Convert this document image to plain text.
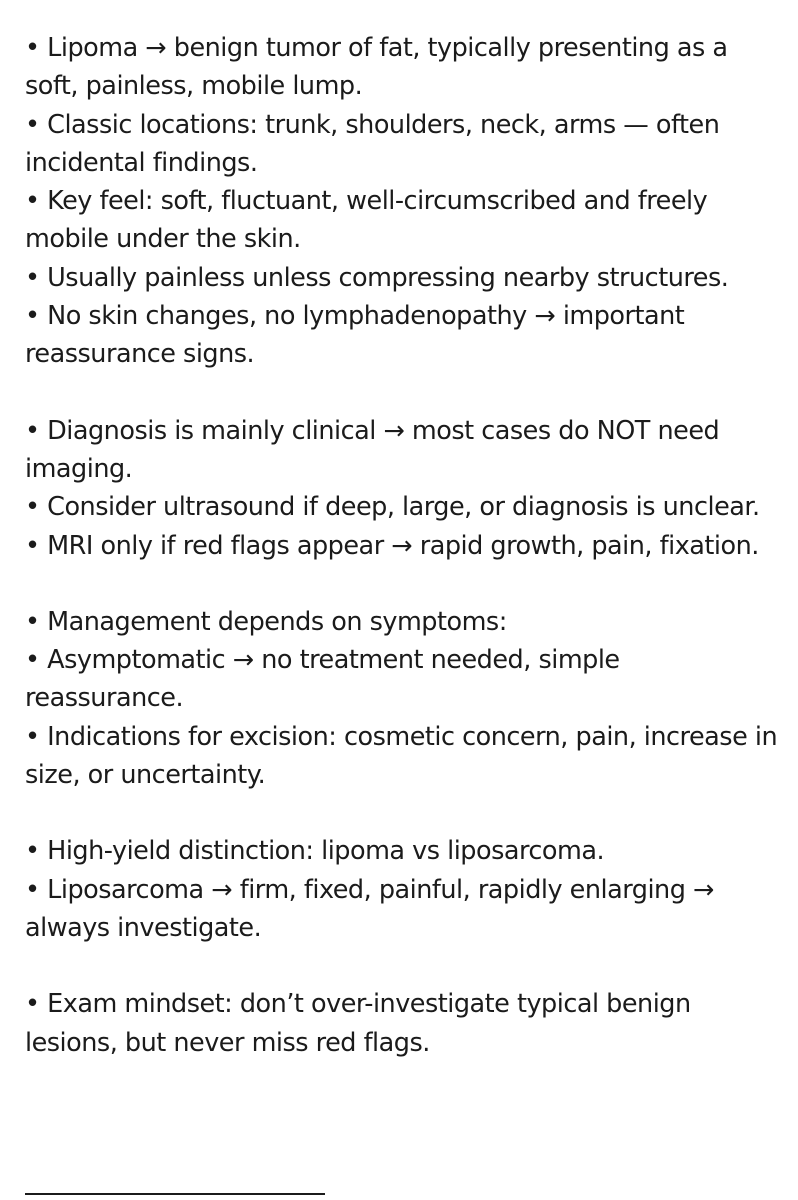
• Lipoma → benign tumor of fat, typically presenting as a soft, painless, mobile lump.

• Classic locations: trunk, shoulders, neck, arms — often incidental findings.

• Key feel: soft, fluctuant, well-circumscribed and freely mobile under the skin.

• Usually painless unless compressing nearby structures.

• No skin changes, no lymphadenopathy → important reassurance signs.

• Diagnosis is mainly clinical → most cases do NOT need imaging.

• Consider ultrasound if deep, large, or diagnosis is unclear.

• MRI only if red flags appear → rapid growth, pain, fixation.

• Management depends on symptoms:

• Asymptomatic → no treatment needed, simple reassurance.

• Indications for excision: cosmetic concern, pain, increase in size, or uncertainty.

• High-yield distinction: lipoma vs liposarcoma.

• Liposarcoma → firm, fixed, painful, rapidly enlarging → always investigate.

• Exam mindset: don’t over-investigate typical benign lesions, but never miss red flags.
